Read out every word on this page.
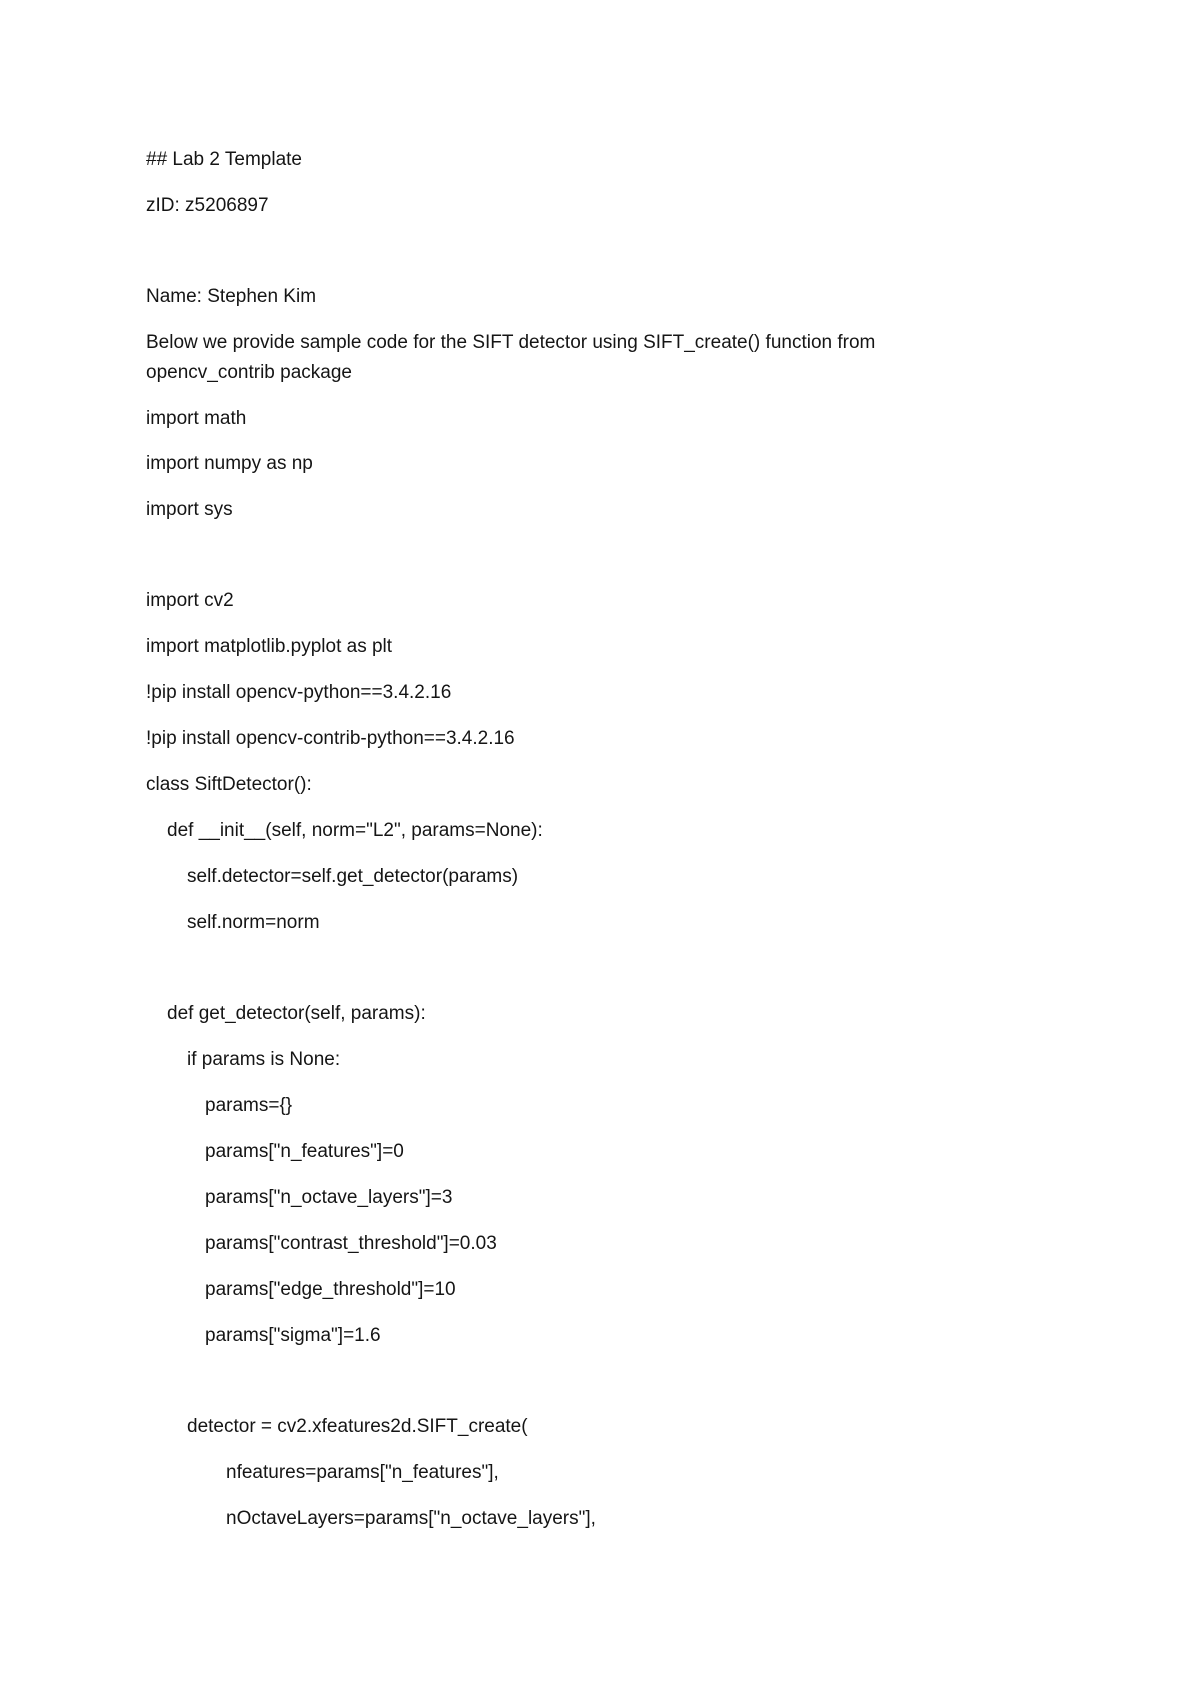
## Lab 2 Template
zID: z5206897
Name: Stephen Kim
Below we provide sample code for the SIFT detector using SIFT_create() function from
opencv_contrib package
import math
import numpy as np
import sys
import cv2
import matplotlib.pyplot as plt
!pip install opencv-python==3.4.2.16
!pip install opencv-contrib-python==3.4.2.16
class SiftDetector():
def __init__(self, norm="L2", params=None):
self.detector=self.get_detector(params)
self.norm=norm
def get_detector(self, params):
if params is None:
params={}
params["n_features"]=0
params["n_octave_layers"]=3
params["contrast_threshold"]=0.03
params["edge_threshold"]=10
params["sigma"]=1.6
detector = cv2.xfeatures2d.SIFT_create(
nfeatures=params["n_features"],
nOctaveLayers=params["n_octave_layers"],
